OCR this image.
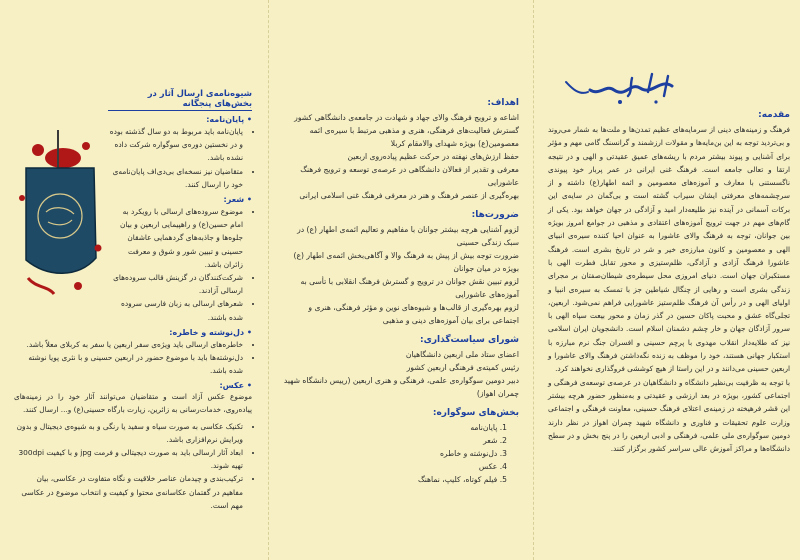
مقدمه:

فرهنگ و زمینه‌های دینی از سرمایه‌های عظیم تمدن‌ها و ملت‌ها به شمار می‌روند و بی‌تردید توجه به این بن‌مایه‌ها و مقولات ارزشمند و گرانسنگ گامی مهم و مؤثر برای آشنایی و پیوند بیشتر مردم با ریشه‌های عمیق عقیدتی و الهی و در نتیجه ارتقا و تعالی جامعه است. فرهنگ غنی ایرانی در عمر پربار خود پیوندی ناگسستنی با معارف و آموزه‌های معصومین و ائمه اطهار(ع) داشته و از سرچشمه‌های معرفتی ایشان سیراب گشته است و بی‌گمان در سایه‌ی این برکات آسمانی در آینده نیز طلیعه‌دار امید و آزادگی در جهان خواهد بود. یکی از گام‌های مهم در جهت ترویج آموزه‌های اعتقادی و مذهبی در جوامع امروز بویژه بین جوانان، توجه به فرهنگ والای عاشورا به عنوان احیا کننده سیره‌ی انبیای الهی و معصومین و کانون مبارزه‌ی خیر و شر در تاریخ بشری است. فرهنگ عاشورا فرهنگ آزادی و آزادگی، ظلم‌ستیزی و محور تقابل فطرت الهی با مستکبران جهان است. دنیای امروزی محل سیطره‌ی شیطان‌صفتان بر مجرای زندگی بشری است و رهایی از چنگال شیاطین جز با تمسک به سیره‌ی انبیا و اولیای الهی و در رأس آن فرهنگ ظلم‌ستیز عاشورایی فراهم نمی‌شود. اربعین، تجلی‌گاه عشق و محبت پاکان حسین در گذر زمان و محور بیعت سپاه الهی با سرور آزادگان جهان و خار چشم دشمنان اسلام است. دانشجویان ایران اسلامی نیز که طلایه‌دار انقلاب مهدوی با پرچم حسینی و افسران جنگ نرم مبارزه با استکبار جهانی هستند، خود را موظف به زنده نگه‌داشتن فرهنگ والای عاشورا و اربعین حسینی می‌دانند و در این راستا از هیچ کوششی فروگذاری نخواهند کرد.

با توجه به ظرفیت بی‌نظیر دانشگاه و دانشگاهیان در عرصه‌ی توسعه‌ی فرهنگی و اجتماعی کشور، بویژه در بعد ارزشی و عقیدتی و به‌منظور حضور هرچه بیشتر این قشر فرهیخته در زمینه‌ی اعتلای فرهنگ حسینی، معاونت فرهنگی و اجتماعی وزارت علوم تحقیقات و فناوری و دانشگاه شهید چمران اهواز در نظر دارند دومین سوگواره‌ی ملی علمی، فرهنگی و ادبی اربعین را در پنج بخش و در سطح دانشگاه‌ها و مراکز آموزش عالی سراسر کشور برگزار کنند.

اهداف:

اشاعه و ترویج فرهنگ والای جهاد و شهادت در جامعه‌ی دانشگاهی کشور

گسترش فعالیت‌های فرهنگی، هنری و مذهبی مرتبط با سیره‌ی ائمه معصومین(ع) بویژه شهدای والامقام کربلا

حفظ ارزش‌های نهفته در حرکت عظیم پیاده‌روی اربعین

معرفی و تقدیر از فعالان دانشگاهی در عرصه‌ی توسعه و ترویج فرهنگ عاشورایی

بهره‌گیری از عنصر فرهنگ و هنر در معرفی فرهنگ غنی اسلامی ایرانی

ضرورت‌ها:

لزوم آشنایی هرچه بیشتر جوانان با مفاهیم و تعالیم ائمه‌ی اطهار (ع) در سبک زندگی حسینی

ضرورت توجه بیش از پیش به فرهنگ والا و آگاهی‌بخش ائمه‌ی اطهار (ع) بویژه در میان جوانان

لزوم تبیین نقش جوانان در ترویج و گسترش فرهنگ انقلابی با تأسی به آموزه‌های عاشورایی

لزوم بهره‌گیری از قالب‌ها و شیوه‌های نوین و مؤثر فرهنگی، هنری و اجتماعی برای بیان آموزه‌های دینی و مذهبی

شورای سیاست‌گذاری:

اعضای ستاد ملی اربعین دانشگاهیان

رئیس کمیته‌ی فرهنگی اربعین کشور

دبیر دومین سوگواره‌ی علمی، فرهنگی و هنری اربعین (رییس دانشگاه شهید چمران اهواز)

بخش‌های سوگواره:
1. پایان‌نامه
2. شعر
3. دل‌نوشته و خاطره
4. عکس
5. فیلم کوتاه، کلیپ، نماهنگ
شیوه‌نامه‌ی ارسال آثار در بخش‌های پنجگانه
• پایان‌نامه:
• پایان‌نامه باید مربوط به دو سال گذشته بوده و در نخستین دوره‌ی سوگواره شرکت داده نشده باشد.
• متقاضیان نیز نسخه‌ای بی‌دی‌اف پایان‌نامه‌ی خود را ارسال کنند.
• شعر:
• موضوع سروده‌های ارسالی با رویکرد به امام حسین(ع) و راهپیمایی اربعین و بیان جلوه‌ها و جاذبه‌های گردهمایی عاشقان حسینی و تبیین شور و شوق و معرفت زائران باشد.
• شرکت‌کنندگان در گزینش قالب سروده‌های ارسالی آزادند.
• شعرهای ارسالی به زبان فارسی سروده شده باشند.
• دل‌نوشته و خاطره:
• خاطره‌های ارسالی باید ویژه‌ی سفر اربعین یا سفر به کربلای معلاّ باشد.
• دل‌نوشته‌ها باید با موضوع حضور در اربعین حسینی و با نثری پویا نوشته شده باشد.
• عکس:

موضوع عکس آزاد است و متقاضیان می‌توانند آثار خود را در زمینه‌های پیاده‌روی، خدمات‌رسانی به زائرین، زیارت بارگاه حسینی(ع) و... ارسال کنند.

• تکنیک عکاسی به صورت سیاه و سفید یا رنگی و به شیوه‌ی دیجیتال و بدون ویرایش نرم‌افزاری باشد.
• ابعاد آثار ارسالی باید به صورت دیجیتالی و فرمت jpg و با کیفیت 300dpi تهیه شوند.
• ترکیب‌بندی و چیدمان عناصر خلاقیت و نگاه متفاوت در عکاسی، بیان مفاهیم در گفتمان عکاسانه‌ی محتوا و کیفیت و انتخاب موضوع در عکاسی مهم است.
